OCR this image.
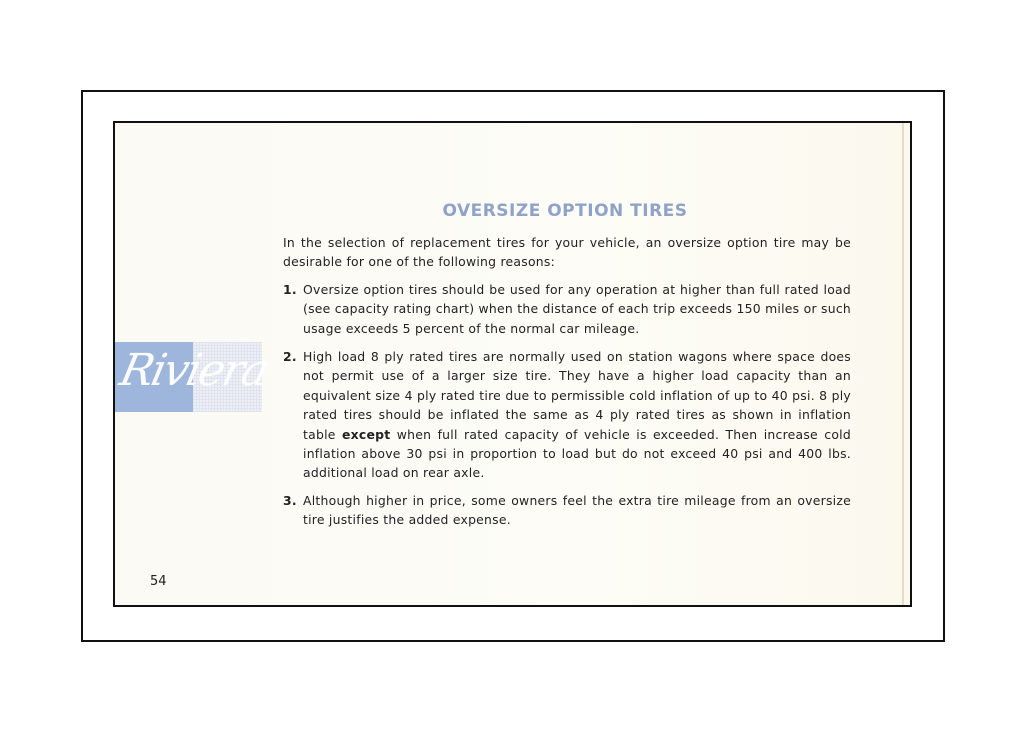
Riviera
OVERSIZE OPTION TIRES
In the selection of replacement tires for your vehicle, an oversize option tire may be desirable for one of the following reasons:
1. Oversize option tires should be used for any operation at higher than full rated load (see capacity rating chart) when the distance of each trip exceeds 150 miles or such usage exceeds 5 percent of the normal car mileage.
2. High load 8 ply rated tires are normally used on station wagons where space does not permit use of a larger size tire. They have a higher load capacity than an equivalent size 4 ply rated tire due to permissible cold inflation of up to 40 psi. 8 ply rated tires should be inflated the same as 4 ply rated tires as shown in inflation table except when full rated capacity of vehicle is exceeded. Then increase cold inflation above 30 psi in proportion to load but do not exceed 40 psi and 400 lbs. additional load on rear axle.
3. Although higher in price, some owners feel the extra tire mileage from an oversize tire justifies the added expense.
54
